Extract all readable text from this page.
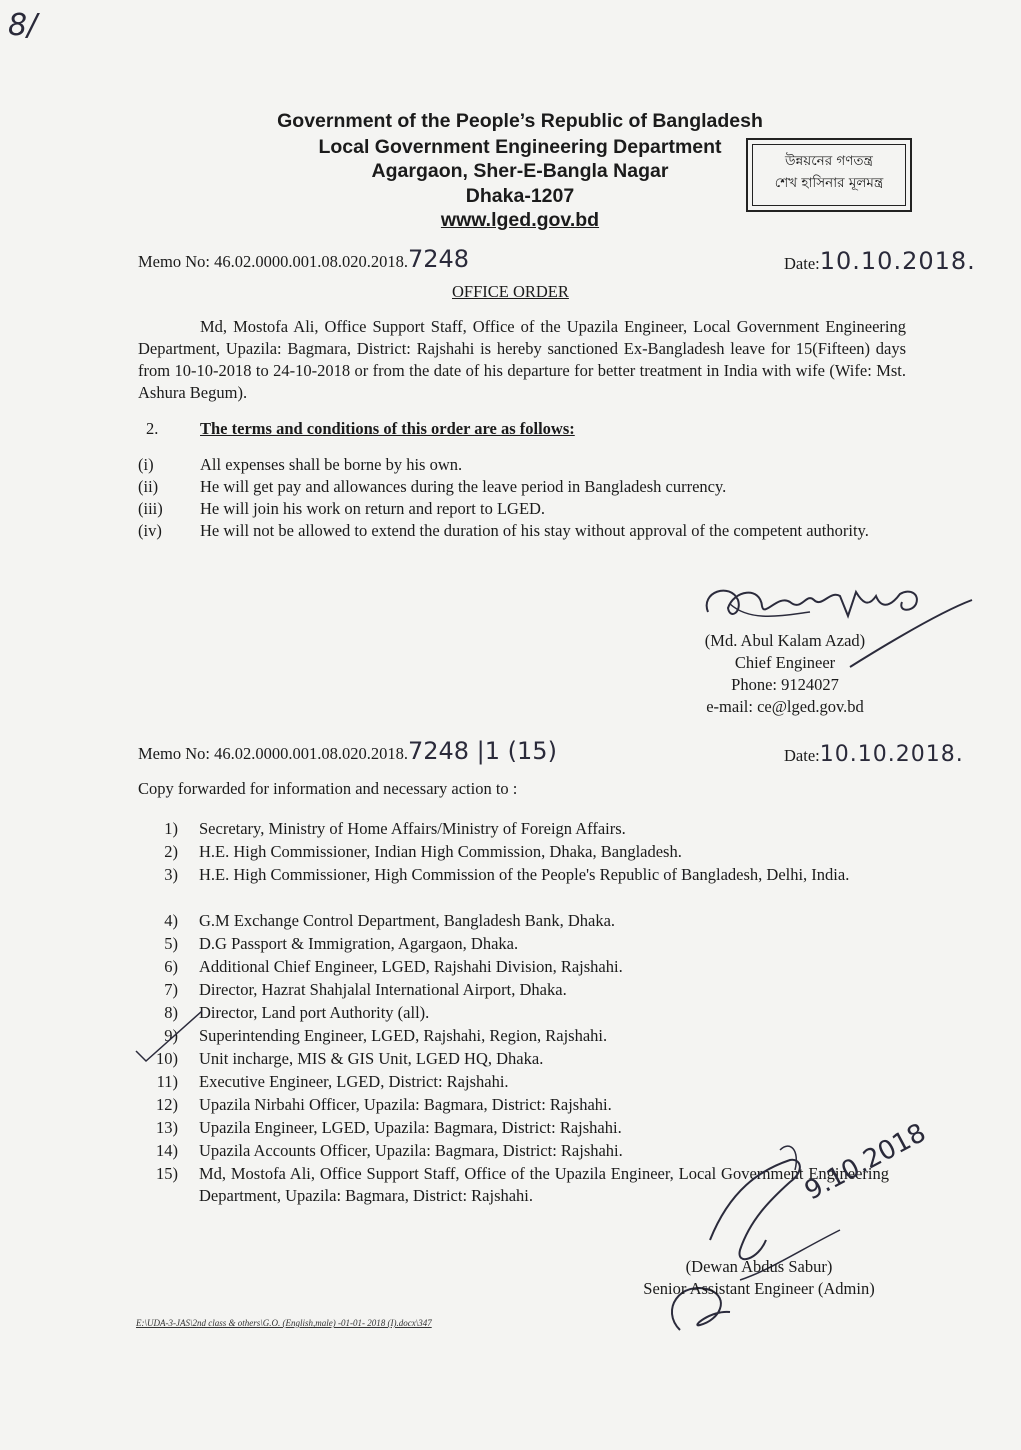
8/
Government of the People’s Republic of Bangladesh
Local Government Engineering Department
Agargaon, Sher-E-Bangla Nagar
Dhaka-1207
www.lged.gov.bd
উন্নয়নের গণতন্ত্র
শেখ হাসিনার মূলমন্ত্র
Memo No: 46.02.0000.001.08.020.2018.7248	Date:10.10.2018.
OFFICE ORDER
Md, Mostofa Ali, Office Support Staff, Office of the Upazila Engineer, Local Government Engineering Department, Upazila: Bagmara, District: Rajshahi is hereby sanctioned Ex-Bangladesh leave for 15(Fifteen) days from 10-10-2018 to 24-10-2018 or from the date of his departure for better treatment in India with wife (Wife: Mst. Ashura Begum).
2.	The terms and conditions of this order are as follows:
(i)	All expenses shall be borne by his own.
(ii)	He will get pay and allowances during the leave period in Bangladesh currency.
(iii) He will join his work on return and report to LGED.
(iv) He will not be allowed to extend the duration of his stay without approval of the competent authority.
(Md. Abul Kalam Azad)
Chief Engineer
Phone: 9124027
e-mail: ce@lged.gov.bd
Memo No: 46.02.0000.001.08.020.2018.7248 |1 (15)	Date:10.10.2018.
Copy forwarded for information and necessary action to :
1) Secretary, Ministry of Home Affairs/Ministry of Foreign Affairs.
2) H.E. High Commissioner, Indian High Commission, Dhaka, Bangladesh.
3) H.E. High Commissioner, High Commission of the People's Republic of Bangladesh, Delhi, India.
4) G.M Exchange Control Department, Bangladesh Bank, Dhaka.
5) D.G Passport & Immigration, Agargaon, Dhaka.
6) Additional Chief Engineer, LGED, Rajshahi Division, Rajshahi.
7) Director, Hazrat Shahjalal International Airport, Dhaka.
8) Director, Land port Authority (all).
9) Superintending Engineer, LGED, Rajshahi, Region, Rajshahi.
10) Unit incharge, MIS & GIS Unit, LGED HQ, Dhaka.
11) Executive Engineer, LGED, District: Rajshahi.
12) Upazila Nirbahi Officer, Upazila: Bagmara, District: Rajshahi.
13) Upazila Engineer, LGED, Upazila: Bagmara, District: Rajshahi.
14) Upazila Accounts Officer, Upazila: Bagmara, District: Rajshahi.
15) Md, Mostofa Ali, Office Support Staff, Office of the Upazila Engineer, Local Government Engineering Department, Upazila: Bagmara, District: Rajshahi.	9.10.2018
(Dewan Abdus Sabur)
Senior Assistant Engineer (Admin)
E:\UDA-3-JAS\2nd class & others\G.O. (English,male) -01-01- 2018 (I).docx\347
